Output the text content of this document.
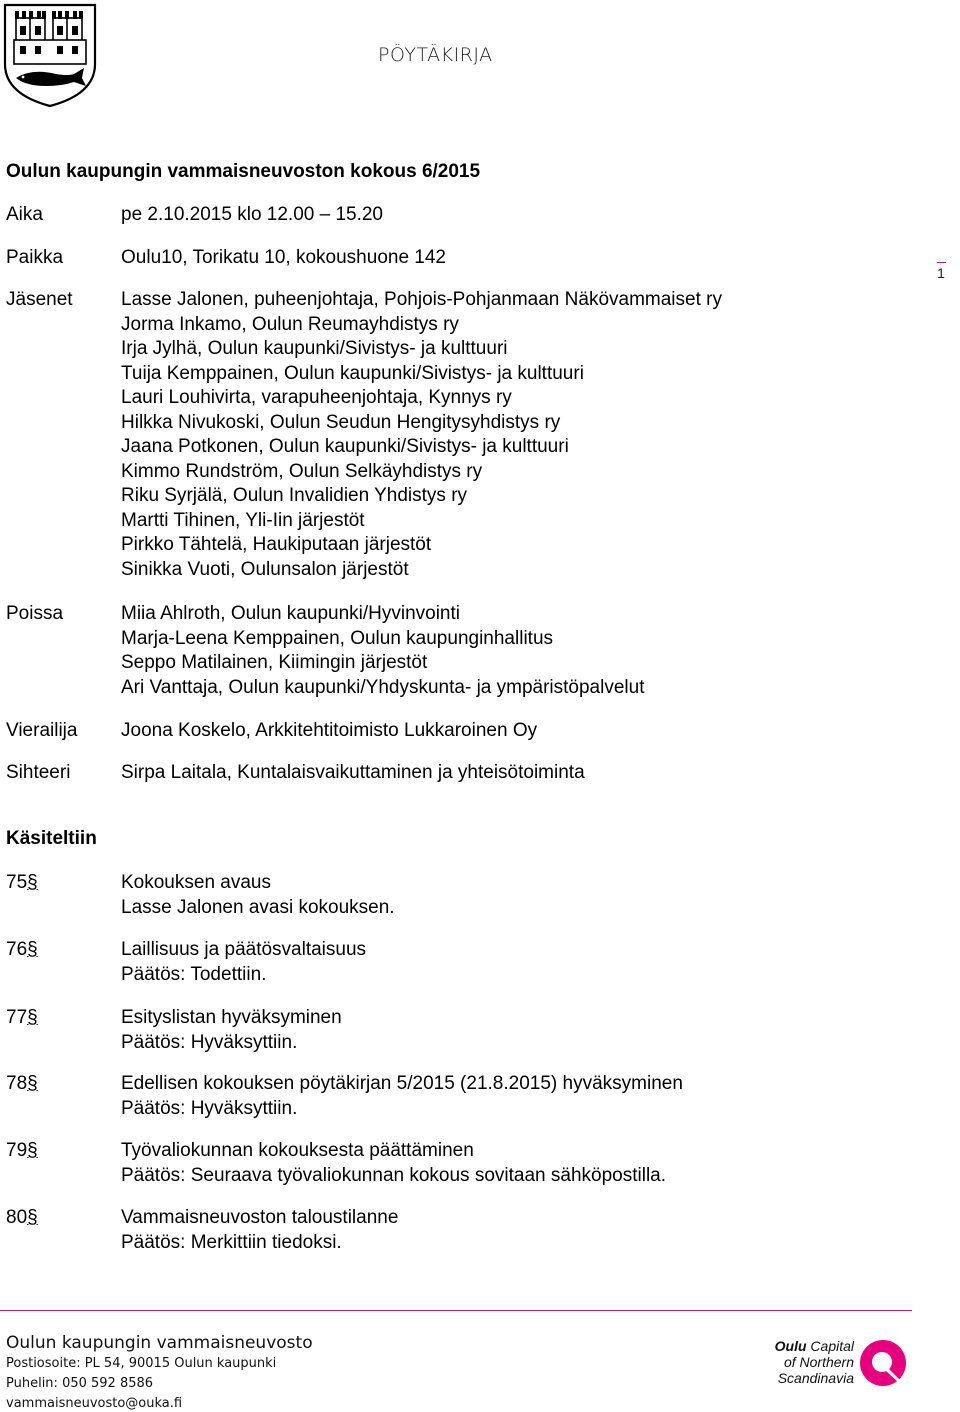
PÖYTÄKIRJA
1
Oulun kaupungin vammaisneuvoston kokous 6/2015
Aika	pe 2.10.2015 klo 12.00 – 15.20
Paikka	Oulu10, Torikatu 10, kokoushuone 142
Jäsenet	Lasse Jalonen, puheenjohtaja, Pohjois-Pohjanmaan Näkövammaiset ry
Jorma Inkamo, Oulun Reumayhdistys ry
Irja Jylhä, Oulun kaupunki/Sivistys- ja kulttuuri
Tuija Kemppainen, Oulun kaupunki/Sivistys- ja kulttuuri
Lauri Louhivirta, varapuheenjohtaja, Kynnys ry
Hilkka Nivukoski, Oulun Seudun Hengitysyhdistys ry
Jaana Potkonen, Oulun kaupunki/Sivistys- ja kulttuuri
Kimmo Rundström, Oulun Selkäyhdistys ry
Riku Syrjälä, Oulun Invalidien Yhdistys ry
Martti Tihinen, Yli-Iin järjestöt
Pirkko Tähtelä, Haukiputaan järjestöt
Sinikka Vuoti, Oulunsalon järjestöt
Poissa	Miia Ahlroth, Oulun kaupunki/Hyvinvointi
Marja-Leena Kemppainen, Oulun kaupunginhallitus
Seppo Matilainen, Kiimingin järjestöt
Ari Vanttaja, Oulun kaupunki/Yhdyskunta- ja ympäristöpalvelut
Vierailija Joona Koskelo, Arkkitehtitoimisto Lukkaroinen Oy
Sihteeri	Sirpa Laitala, Kuntalaisvaikuttaminen ja yhteisötoiminta
Käsiteltiin
75§	Kokouksen avaus
Lasse Jalonen avasi kokouksen.
76§	Laillisuus ja päätösvaltaisuus
Päätös: Todettiin.
77§	Esityslistan hyväksyminen
Päätös: Hyväksyttiin.
78§	Edellisen kokouksen pöytäkirjan 5/2015 (21.8.2015) hyväksyminen
Päätös: Hyväksyttiin.
79§	Työvaliokunnan kokouksesta päättäminen
Päätös: Seuraava työvaliokunnan kokous sovitaan sähköpostilla.
80§	Vammaisneuvoston taloustilanne
Päätös: Merkittiin tiedoksi.
Oulun kaupungin vammaisneuvosto
Postiosoite: PL 54, 90015 Oulun kaupunki
Puhelin: 050 592 8586
vammaisneuvosto@ouka.fi
Oulu Capital
of Northern
Scandinavia
